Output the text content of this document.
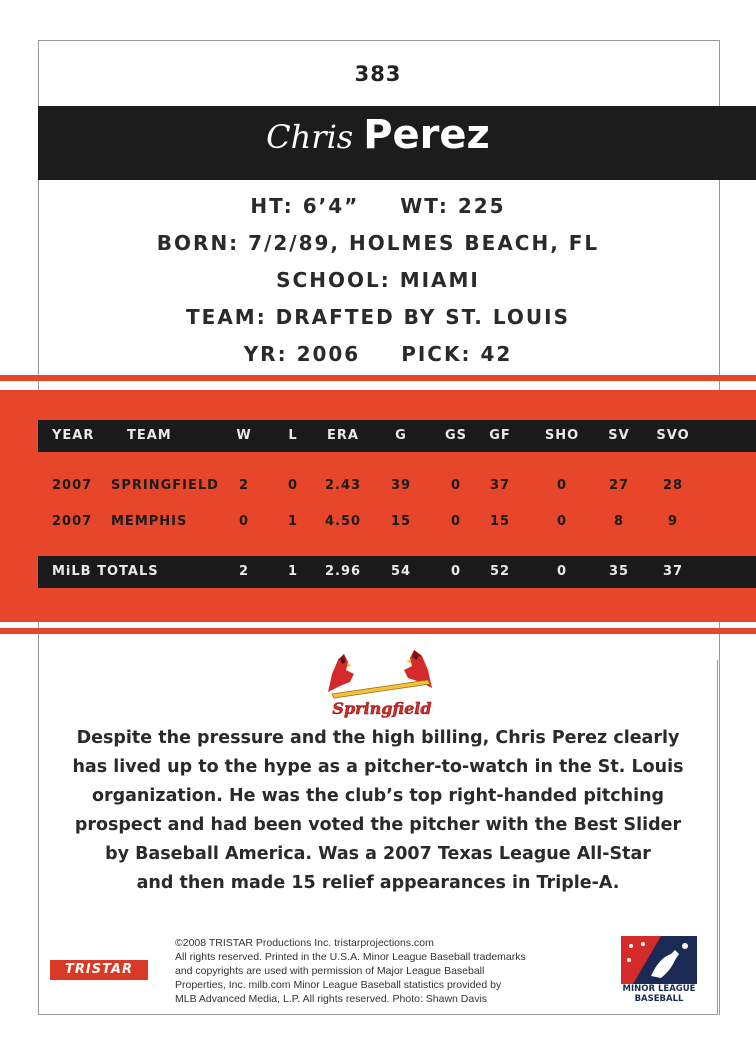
383
Chris Perez
HT: 6’4” WT: 225
BORN: 7/2/89, HOLMES BEACH, FL
SCHOOL: MIAMI
TEAM: DRAFTED BY ST. LOUIS
YR: 2006 PICK: 42
YEAR	TEAM	W	L ERA	G	GS GF	SHO SV SVO
2007 SPRINGFIELD 2	0 2.43 39	0 37	0	27	28
2007 MEMPHIS	0	1 4.50 15	0 15	0	8	9
MiLB TOTALS	2	1 2.96 54	0 52	0	35	37
Springfield
Despite the pressure and the high billing, Chris Perez clearly
has lived up to the hype as a pitcher-to-watch in the St. Louis
organization. He was the club’s top right-handed pitching
prospect and had been voted the pitcher with the Best Slider
by Baseball America. Was a 2007 Texas League All-Star
and then made 15 relief appearances in Triple-A.
TRISTAR
©2008 TRISTAR Productions Inc. tristarprojections.com
All rights reserved. Printed in the U.S.A. Minor League Baseball trademarks
and copyrights are used with permission of Major League Baseball
Properties, Inc. milb.com Minor League Baseball statistics provided by
MLB Advanced Media, L.P. All rights reserved. Photo: Shawn Davis
MINOR LEAGUE
BASEBALL
